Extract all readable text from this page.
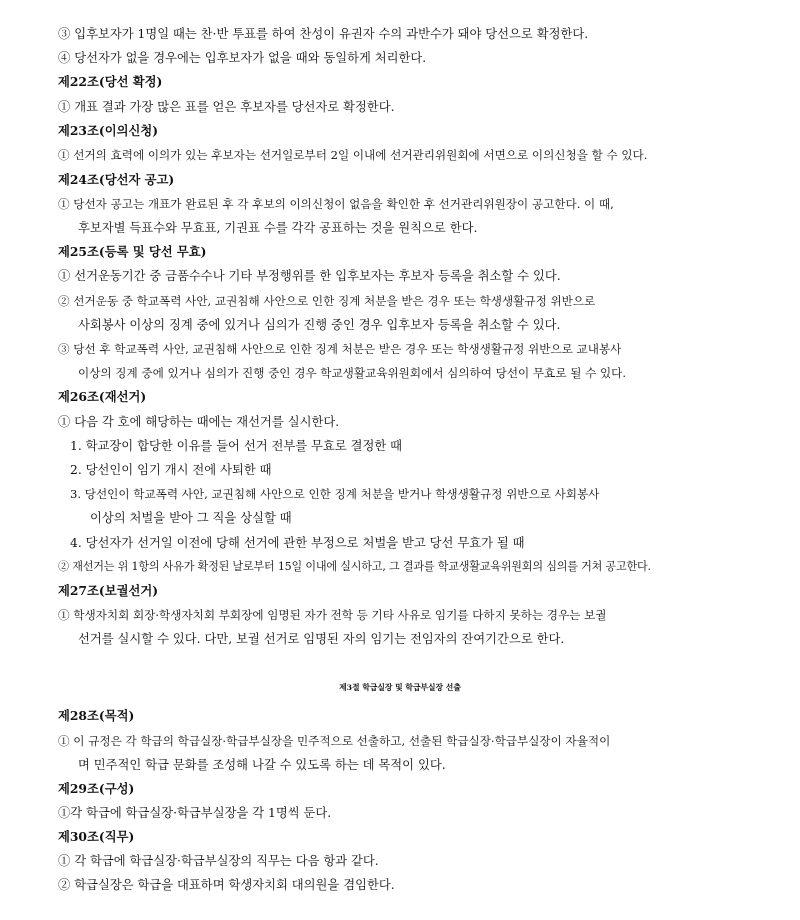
③ 입후보자가 1명일 때는 찬·반 투표를 하여 찬성이 유권자 수의 과반수가 돼야 당선으로 확정한다.
④ 당선자가 없을 경우에는 입후보자가 없을 때와 동일하게 처리한다.
제22조(당선 확정)
① 개표 결과 가장 많은 표를 얻은 후보자를 당선자로 확정한다.
제23조(이의신청)
① 선거의 효력에 이의가 있는 후보자는 선거일로부터 2일 이내에 선거관리위원회에 서면으로 이의신청을 할 수 있다.
제24조(당선자 공고)
① 당선자 공고는 개표가 완료된 후 각 후보의 이의신청이 없음을 확인한 후 선거관리위원장이 공고한다. 이 때,
후보자별 득표수와 무효표, 기권표 수를 각각 공표하는 것을 원칙으로 한다.
제25조(등록 및 당선 무효)
① 선거운동기간 중 금품수수나 기타 부정행위를 한 입후보자는 후보자 등록을 취소할 수 있다.
② 선거운동 중 학교폭력 사안, 교권침해 사안으로 인한 징계 처분을 받은 경우 또는 학생생활규정 위반으로
사회봉사 이상의 징계 중에 있거나 심의가 진행 중인 경우 입후보자 등록을 취소할 수 있다.
③ 당선 후 학교폭력 사안, 교권침해 사안으로 인한 징계 처분은 받은 경우 또는 학생생활규정 위반으로 교내봉사
이상의 징계 중에 있거나 심의가 진행 중인 경우 학교생활교육위원회에서 심의하여 당선이 무효로 될 수 있다.
제26조(재선거)
① 다음 각 호에 해당하는 때에는 재선거를 실시한다.
1. 학교장이 합당한 이유를 들어 선거 전부를 무효로 결정한 때
2. 당선인이 임기 개시 전에 사퇴한 때
3. 당선인이 학교폭력 사안, 교권침해 사안으로 인한 징계 처분을 받거나 학생생활규정 위반으로 사회봉사
이상의 처벌을 받아 그 직을 상실할 때
4. 당선자가 선거일 이전에 당해 선거에 관한 부정으로 처벌을 받고 당선 무효가 될 때
② 재선거는 위 1항의 사유가 확정된 날로부터 15일 이내에 실시하고, 그 결과를 학교생활교육위원회의 심의를 거쳐 공고한다.
제27조(보궐선거)
① 학생자치회 회장·학생자치회 부회장에 임명된 자가 전학 등 기타 사유로 임기를 다하지 못하는 경우는 보궐
선거를 실시할 수 있다. 다만, 보궐 선거로 임명된 자의 임기는 전임자의 잔여기간으로 한다.
제3절 학급실장 및 학급부실장 선출
제28조(목적)
① 이 규정은 각 학급의 학급실장·학급부실장을 민주적으로 선출하고, 선출된 학급실장·학급부실장이 자율적이
며 민주적인 학급 문화를 조성해 나갈 수 있도록 하는 데 목적이 있다.
제29조(구성)
①각 학급에 학급실장·학급부실장을 각 1명씩 둔다.
제30조(직무)
① 각 학급에 학급실장·학급부실장의 직무는 다음 항과 같다.
② 학급실장은 학급을 대표하며 학생자치회 대의원을 겸임한다.
